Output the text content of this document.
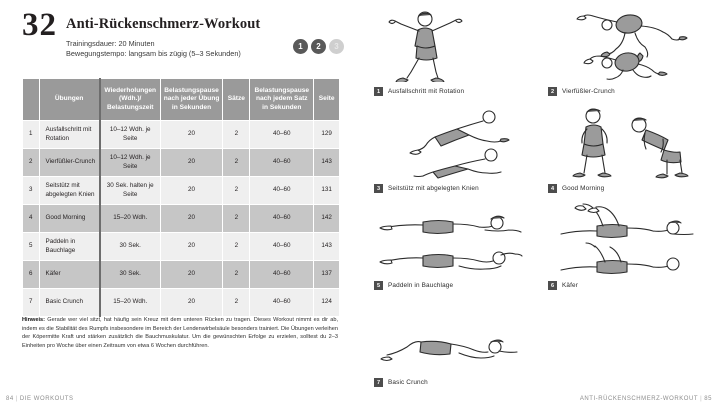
32 Anti-Rückenschmerz-Workout
Trainingsdauer: 20 Minuten
Bewegungstempo: langsam bis zügig (5–3 Sekunden)
1	2	3
	Übungen	Wiederholungen (Wdh.)/ Belastungszeit	Belastungspause nach jeder Übung in Sekunden	Sätze	Belastungspause nach jedem Satz in Sekunden	Seite
1	Ausfallschritt mit Rotation	10–12 Wdh. je Seite	20	2	40–60	129
2	Vierfüßler-Crunch	10–12 Wdh. je Seite	20	2	40–60	143
3	Seitstütz mit abgelegten Knien	30 Sek. halten je Seite	20	2	40–60	131
4	Good Morning	15–20 Wdh.	20	2	40–60	142
5	Paddeln in Bauchlage	30 Sek.	20	2	40–60	143
6	Käfer	30 Sek.	20	2	40–60	137
7	Basic Crunch	15–20 Wdh.	20	2	40–60	124
Hinweis: Gerade wer viel sitzt, hat häufig sein Kreuz mit dem unteren Rücken zu tragen. Dieses Workout nimmt es dir ab, indem es die Stabilität des Rumpfs insbesondere im Bereich der Lendenwirbelsäule besonders trainiert. Die Übungen verleihen der Köpermitte Kraft und stärken zusätzlich die Bauchmuskulatur. Um die gewünschten Erfolge zu erzielen, solltest du 2–3 Einheiten pro Woche über einen Zeitraum von etwa 6 Wochen durchführen.
84 | DIE WORKOUTS
1	Ausfallschritt mit Rotation	2	Vierfüßler-Crunch
3	Seitstütz mit abgelegten Knien	4	Good Morning
5	Paddeln in Bauchlage	6	Käfer
7	Basic Crunch
ANTI-RÜCKENSCHMERZ-WORKOUT | 85
